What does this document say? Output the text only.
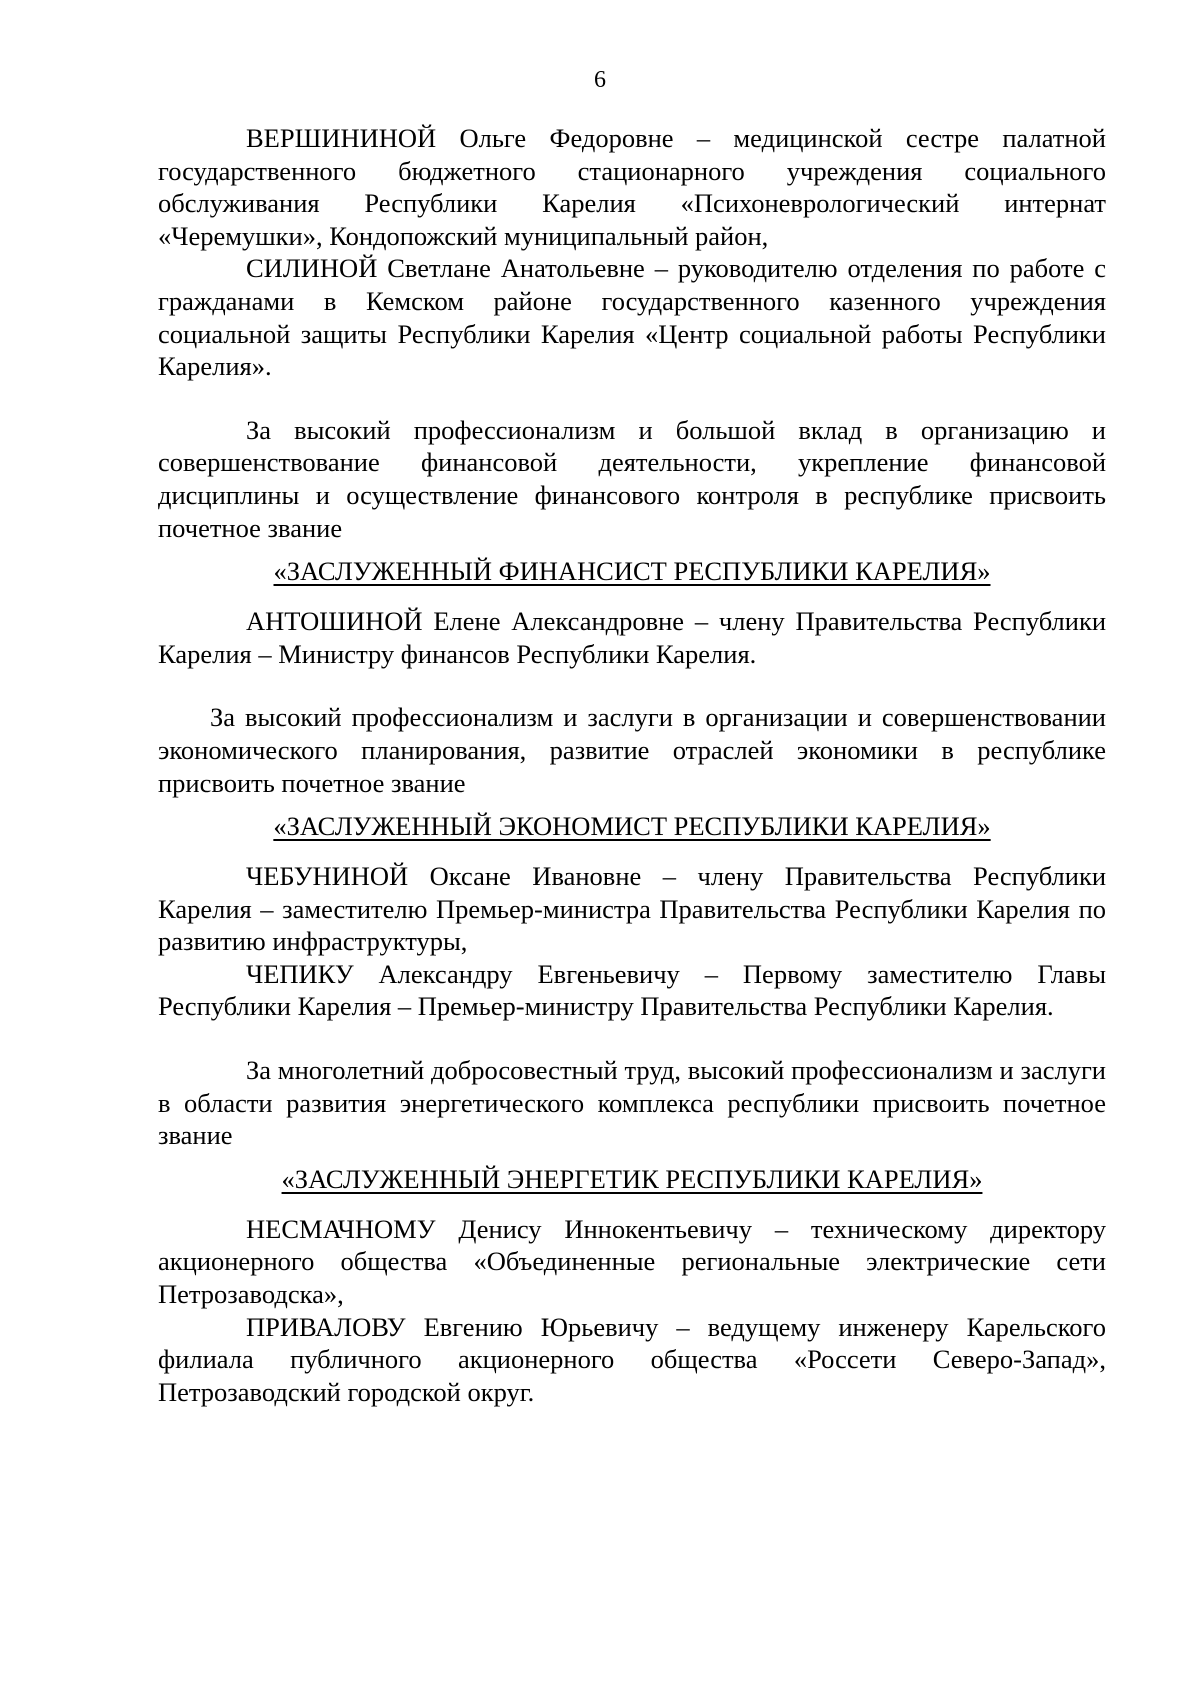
6

ВЕРШИНИНОЙ Ольге Федоровне – медицинской сестре палатной государственного бюджетного стационарного учреждения социального обслуживания Республики Карелия «Психоневрологический интернат «Черемушки», Кондопожский муниципальный район,

СИЛИНОЙ Светлане Анатольевне – руководителю отделения по работе с гражданами в Кемском районе государственного казенного учреждения социальной защиты Республики Карелия «Центр социальной работы Республики Карелия».

За высокий профессионализм и большой вклад в организацию и совершенствование финансовой деятельности, укрепление финансовой дисциплины и осуществление финансового контроля в республике присвоить почетное звание

«ЗАСЛУЖЕННЫЙ ФИНАНСИСТ РЕСПУБЛИКИ КАРЕЛИЯ»

АНТОШИНОЙ Елене Александровне – члену Правительства Республики Карелия – Министру финансов Республики Карелия.

За высокий профессионализм и заслуги в организации и совершенствовании экономического планирования, развитие отраслей экономики в республике присвоить почетное звание

«ЗАСЛУЖЕННЫЙ ЭКОНОМИСТ РЕСПУБЛИКИ КАРЕЛИЯ»

ЧЕБУНИНОЙ Оксане Ивановне – члену Правительства Республики Карелия – заместителю Премьер-министра Правительства Республики Карелия по развитию инфраструктуры,

ЧЕПИКУ Александру Евгеньевичу – Первому заместителю Главы Республики Карелия – Премьер-министру Правительства Республики Карелия.

За многолетний добросовестный труд, высокий профессионализм и заслуги в области развития энергетического комплекса республики присвоить почетное звание

«ЗАСЛУЖЕННЫЙ ЭНЕРГЕТИК РЕСПУБЛИКИ КАРЕЛИЯ»

НЕСМАЧНОМУ Денису Иннокентьевичу – техническому директору акционерного общества «Объединенные региональные электрические сети Петрозаводска»,

ПРИВАЛОВУ Евгению Юрьевичу – ведущему инженеру Карельского филиала публичного акционерного общества «Россети Северо-Запад», Петрозаводский городской округ.
